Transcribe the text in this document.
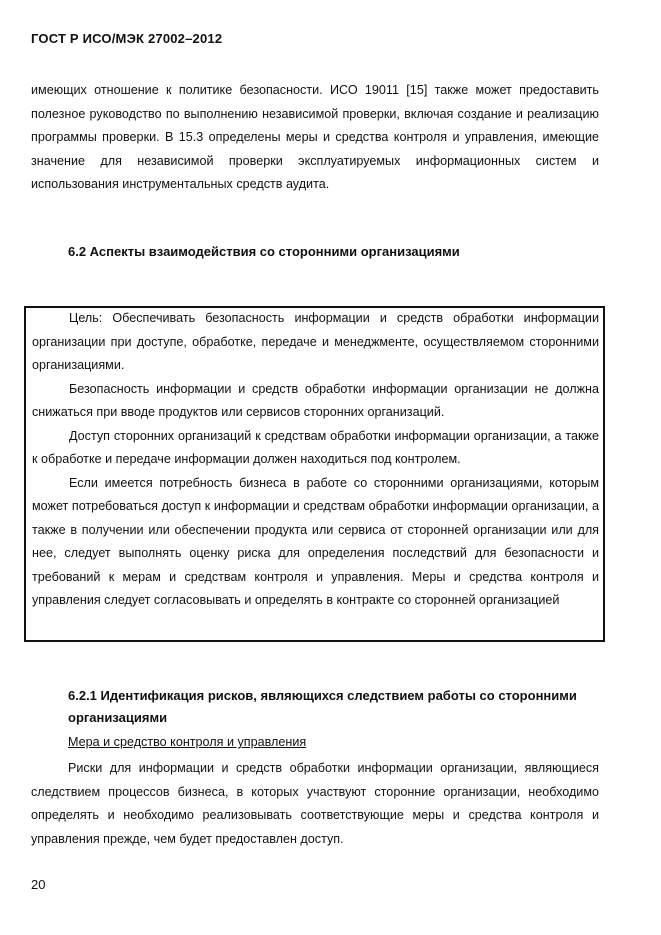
ГОСТ Р ИСО/МЭК 27002–2012

имеющих отношение к политике безопасности. ИСО 19011 [15] также может предоставить полезное руководство по выполнению независимой проверки, включая создание и реализацию программы проверки. В 15.3 определены меры и средства контроля и управления, имеющие значение для независимой проверки эксплуатируемых информационных систем и использования инструментальных средств аудита.

6.2 Аспекты взаимодействия со сторонними организациями

Цель: Обеспечивать безопасность информации и средств обработки информации организации при доступе, обработке, передаче и менеджменте, осуществляемом сторонними организациями.

Безопасность информации и средств обработки информации организации не должна снижаться при вводе продуктов или сервисов сторонних организаций.

Доступ сторонних организаций к средствам обработки информации организации, а также к обработке и передаче информации должен находиться под контролем.

Если имеется потребность бизнеса в работе со сторонними организациями, которым может потребоваться доступ к информации и средствам обработки информации организации, а также в получении или обеспечении продукта или сервиса от сторонней организации или для нее, следует выполнять оценку риска для определения последствий для безопасности и требований к мерам и средствам контроля и управления. Меры и средства контроля и управления следует согласовывать и определять в контракте со сторонней организацией

6.2.1 Идентификация рисков, являющихся следствием работы со сторонними организациями
Мера и средство контроля и управления

Риски для информации и средств обработки информации организации, являющиеся следствием процессов бизнеса, в которых участвуют сторонние организации, необходимо определять и необходимо реализовывать соответствующие меры и средства контроля и управления прежде, чем будет предоставлен доступ.

20
